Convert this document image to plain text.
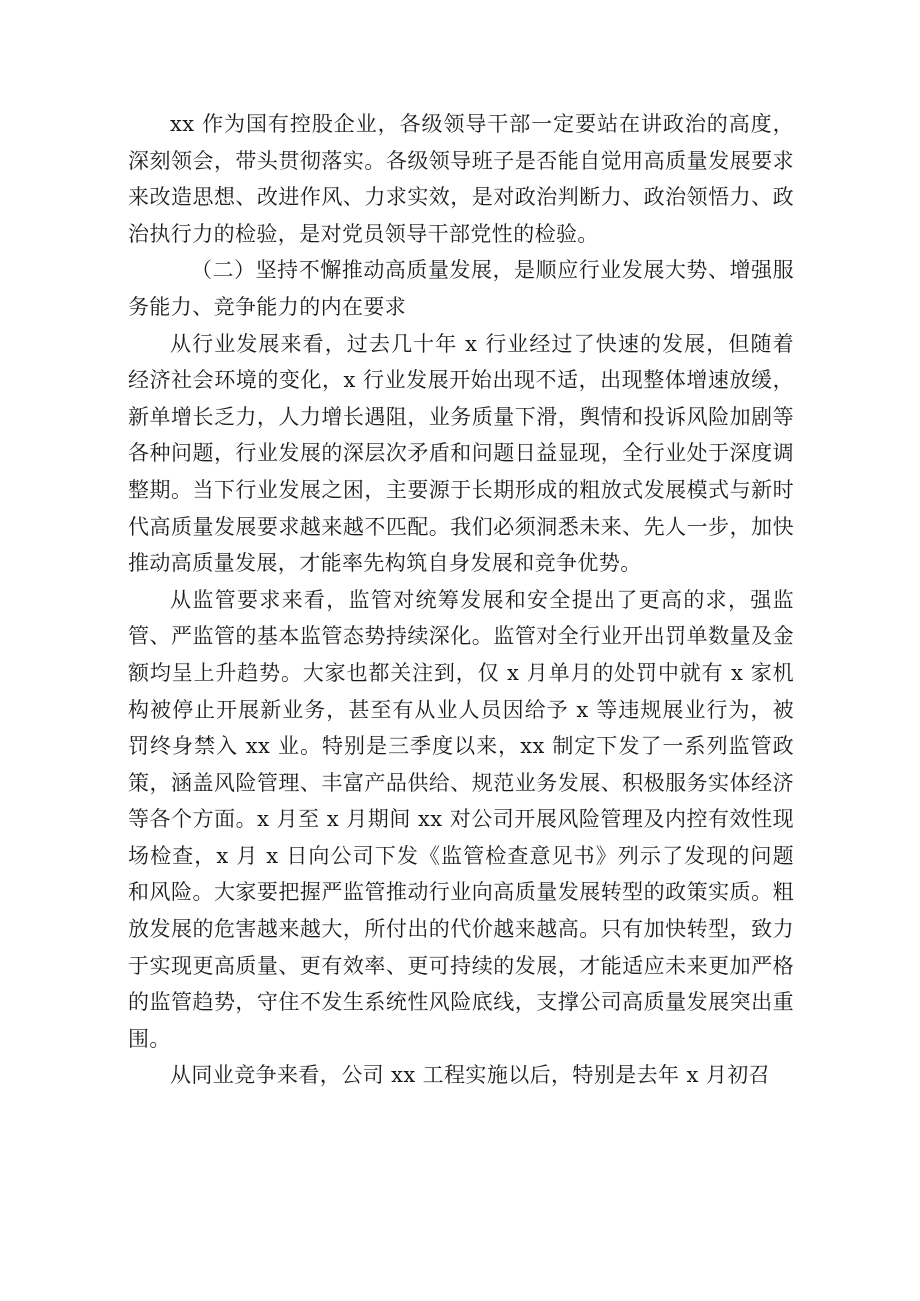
xx 作为国有控股企业，各级领导干部一定要站在讲政治的高度，深刻领会，带头贯彻落实。各级领导班子是否能自觉用高质量发展要求来改造思想、改进作风、力求实效，是对政治判断力、政治领悟力、政治执行力的检验，是对党员领导干部党性的检验。

（二）坚持不懈推动高质量发展，是顺应行业发展大势、增强服务能力、竞争能力的内在要求

从行业发展来看，过去几十年 x 行业经过了快速的发展，但随着经济社会环境的变化，x 行业发展开始出现不适，出现整体增速放缓，新单增长乏力，人力增长遇阻，业务质量下滑，舆情和投诉风险加剧等各种问题，行业发展的深层次矛盾和问题日益显现，全行业处于深度调整期。当下行业发展之困，主要源于长期形成的粗放式发展模式与新时代高质量发展要求越来越不匹配。我们必须洞悉未来、先人一步，加快推动高质量发展，才能率先构筑自身发展和竞争优势。

从监管要求来看，监管对统筹发展和安全提出了更高的求，强监管、严监管的基本监管态势持续深化。监管对全行业开出罚单数量及金额均呈上升趋势。大家也都关注到，仅 x 月单月的处罚中就有 x 家机构被停止开展新业务，甚至有从业人员因给予 x 等违规展业行为，被罚终身禁入 xx 业。特别是三季度以来，xx 制定下发了一系列监管政策，涵盖风险管理、丰富产品供给、规范业务发展、积极服务实体经济等各个方面。x 月至 x 月期间 xx 对公司开展风险管理及内控有效性现场检查，x 月 x 日向公司下发《监管检查意见书》列示了发现的问题和风险。大家要把握严监管推动行业向高质量发展转型的政策实质。粗放发展的危害越来越大，所付出的代价越来越高。只有加快转型，致力于实现更高质量、更有效率、更可持续的发展，才能适应未来更加严格的监管趋势，守住不发生系统性风险底线，支撑公司高质量发展突出重围。

从同业竞争来看，公司 xx 工程实施以后，特别是去年 x 月初召
